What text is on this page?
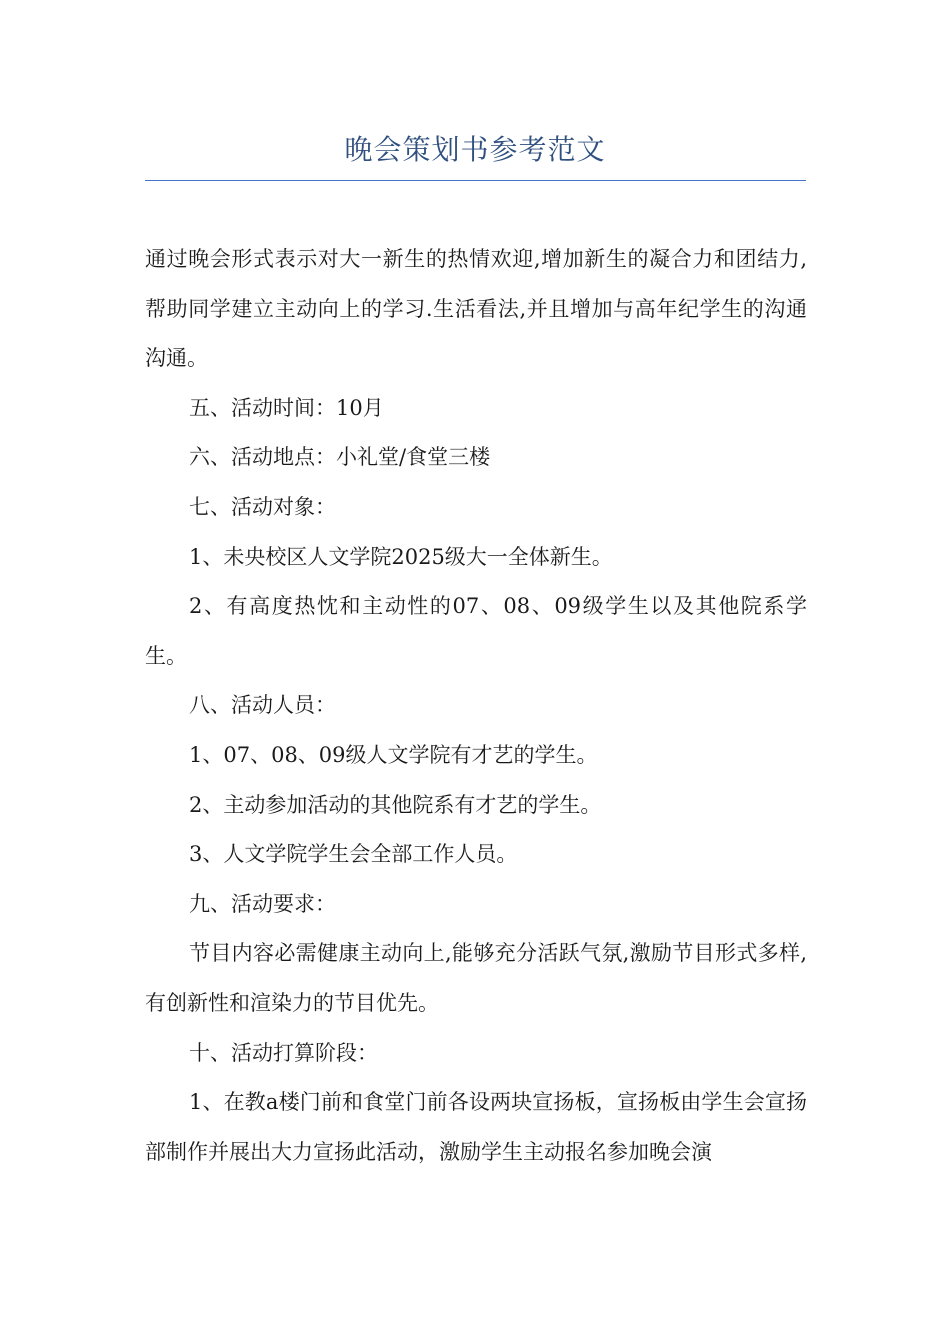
晚会策划书参考范文

通过晚会形式表示对大一新生的热情欢迎,增加新生的凝合力和团结力,帮助同学建立主动向上的学习.生活看法,并且增加与高年纪学生的沟通沟通。

五、活动时间：10月

六、活动地点：小礼堂/食堂三楼

七、活动对象：

1、未央校区人文学院2025级大一全体新生。

2、有高度热忱和主动性的07、08、09级学生以及其他院系学生。

八、活动人员：

1、07、08、09级人文学院有才艺的学生。

2、主动参加活动的其他院系有才艺的学生。

3、人文学院学生会全部工作人员。

九、活动要求：

节目内容必需健康主动向上,能够充分活跃气氛,激励节目形式多样,有创新性和渲染力的节目优先。

十、活动打算阶段：

1、在教a楼门前和食堂门前各设两块宣扬板，宣扬板由学生会宣扬部制作并展出大力宣扬此活动，激励学生主动报名参加晚会演
